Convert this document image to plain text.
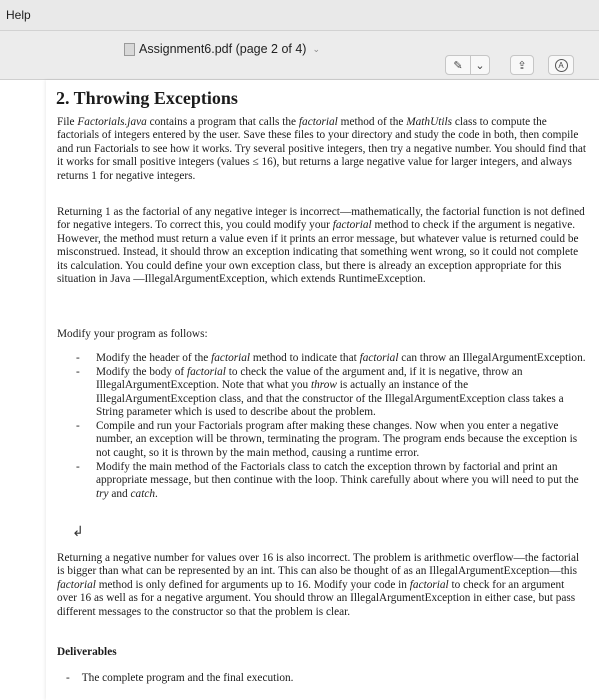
Help
Assignment6.pdf (page 2 of 4) ⌄
✎ ⌄	⇪	A
2. Throwing Exceptions

File Factorials.java contains a program that calls the factorial method of the MathUtils class to compute the factorials of integers entered by the user. Save these files to your directory and study the code in both, then compile and run Factorials to see how it works. Try several positive integers, then try a negative number. You should find that it works for small positive integers (values ≤ 16), but returns a large negative value for larger integers, and always returns 1 for negative integers.

Returning 1 as the factorial of any negative integer is incorrect—mathematically, the factorial function is not defined for negative integers. To correct this, you could modify your factorial method to check if the argument is negative. However, the method must return a value even if it prints an error message, but whatever value is returned could be misconstrued. Instead, it should throw an exception indicating that something went wrong, so it could not complete its calculation. You could define your own exception class, but there is already an exception appropriate for this situation in Java —IllegalArgumentException, which extends RuntimeException.

Modify your program as follows:

- Modify the header of the factorial method to indicate that factorial can throw an IllegalArgumentException.
- Modify the body of factorial to check the value of the argument and, if it is negative, throw an IllegalArgumentException. Note that what you throw is actually an instance of the IllegalArgumentException class, and that the constructor of the IllegalArgumentException class takes a String parameter which is used to describe about the problem.
- Compile and run your Factorials program after making these changes. Now when you enter a negative number, an exception will be thrown, terminating the program. The program ends because the exception is not caught, so it is thrown by the main method, causing a runtime error.
- Modify the main method of the Factorials class to catch the exception thrown by factorial and print an appropriate message, but then continue with the loop. Think carefully about where you will need to put the try and catch.
↲

Returning a negative number for values over 16 is also incorrect. The problem is arithmetic overflow—the factorial is bigger than what can be represented by an int. This can also be thought of as an IllegalArgumentException—this factorial method is only defined for arguments up to 16. Modify your code in factorial to check for an argument over 16 as well as for a negative argument. You should throw an IllegalArgumentException in either case, but pass different messages to the constructor so that the problem is clear.

Deliverables

- The complete program and the final execution.
